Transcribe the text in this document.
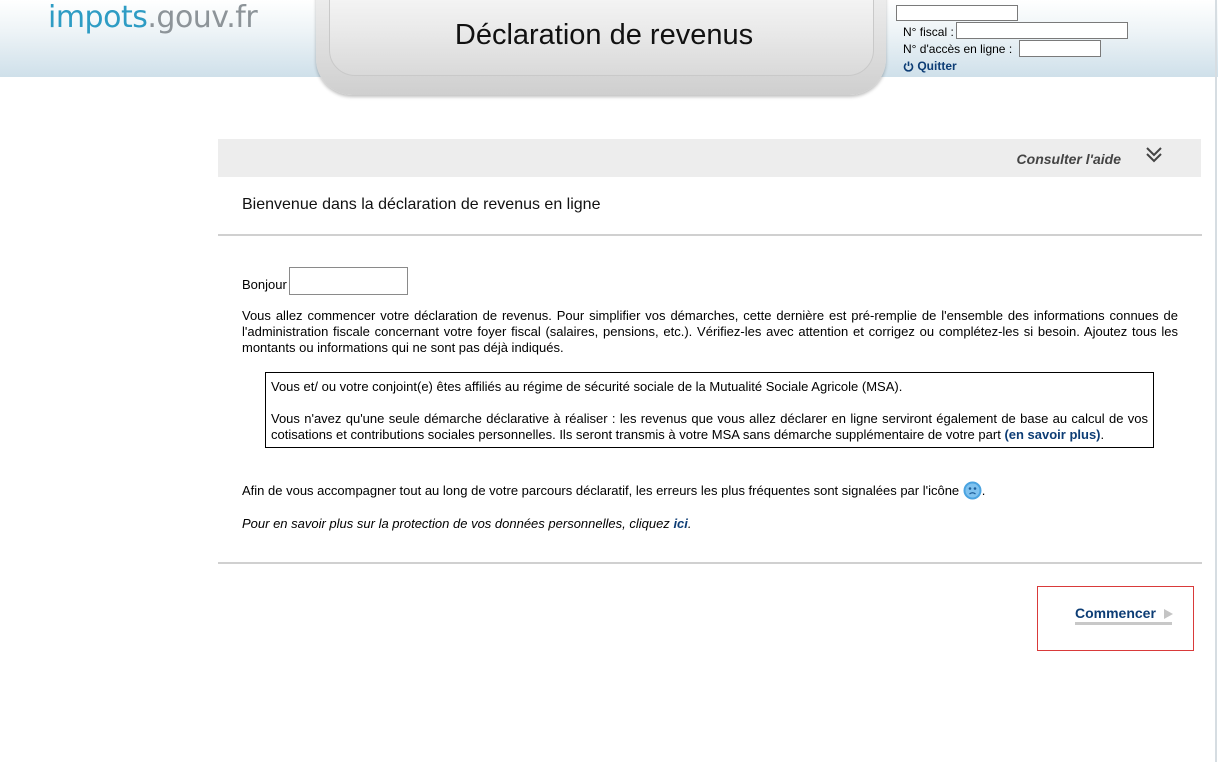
impots.gouv.fr	Déclaration de revenus	N° fiscal :
N° d'accès en ligne :
Quitter
Consulter l'aide
Bienvenue dans la déclaration de revenus en ligne
Bonjour
Vous allez commencer votre déclaration de revenus. Pour simplifier vos démarches, cette dernière est pré-remplie de l'ensemble des informations connues de l'administration fiscale concernant votre foyer fiscal (salaires, pensions, etc.). Vérifiez-les avec attention et corrigez ou complétez-les si besoin. Ajoutez tous les montants ou informations qui ne sont pas déjà indiqués.

Vous et/ ou votre conjoint(e) êtes affiliés au régime de sécurité sociale de la Mutualité Sociale Agricole (MSA).

Vous n'avez qu'une seule démarche déclarative à réaliser : les revenus que vous allez déclarer en ligne serviront également de base au calcul de vos cotisations et contributions sociales personnelles. Ils seront transmis à votre MSA sans démarche supplémentaire de votre part (en savoir plus).

Afin de vous accompagner tout au long de votre parcours déclaratif, les erreurs les plus fréquentes sont signalées par l'icône .
Pour en savoir plus sur la protection de vos données personnelles, cliquez ici.
Commencer
